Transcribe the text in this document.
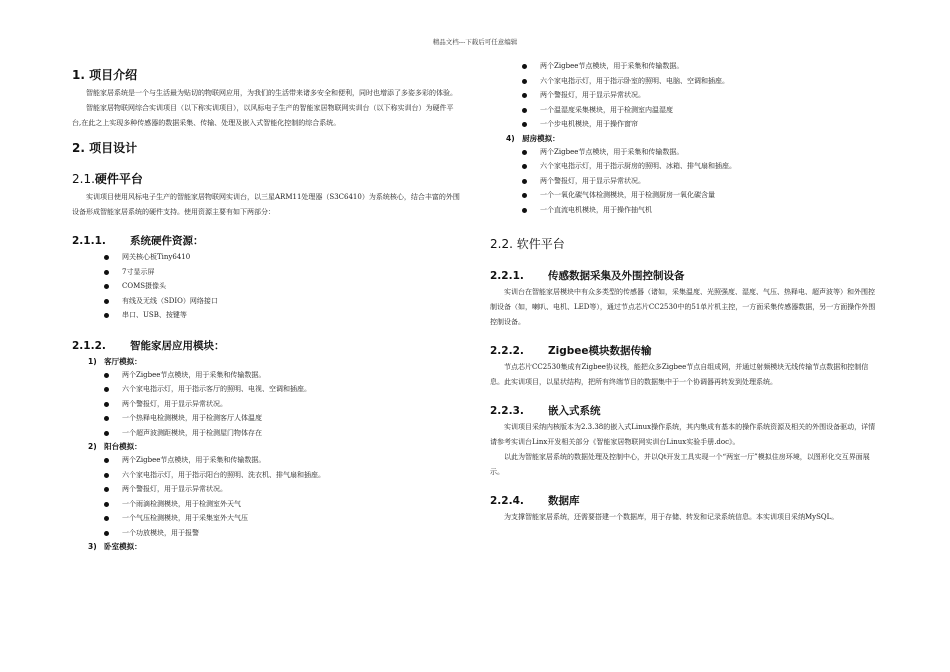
精品文档---下载后可任意编辑
1. 项目介绍

智能家居系统是一个与生活最为贴切的物联网应用，为我们的生活带来诸多安全和便利，同时也增添了多姿多彩的体验。

智能家居物联网综合实训项目（以下称实训项目），以风标电子生产的智能家居物联网实训台（以下称实训台）为硬件平台,在此之上实现多种传感器的数据采集、传输、处理及嵌入式智能化控制的综合系统。

2. 项目设计
2.1.硬件平台

实训项目使用风标电子生产的智能家居物联网实训台，以三星ARM11处理器（S3C6410）为系统核心，结合丰富的外围设备形成智能家居系统的硬件支持。使用资源主要有如下两部分：

2.1.1. 系统硬件资源：
网关核心板Tiny6410
7寸显示屏
COMS摄像头
有线及无线（SDIO）网络接口
串口、USB、按键等
2.1.2. 智能家居应用模块：
1)　客厅模拟：
两个Zigbee节点模块，用于采集和传输数据。
六个家电指示灯，用于指示客厅的照明、电视、空调和插座。
两个警报灯，用于显示异常状况。
一个热释电检测模块，用于检测客厅人体温度
一个超声波测距模块，用于检测屋门物体存在
2)　阳台模拟：
两个Zigbee节点模块，用于采集和传输数据。
六个家电指示灯，用于指示阳台的照明、洗衣机、排气扇和插座。
两个警报灯，用于显示异常状况。
一个雨滴检测模块，用于检测室外天气
一个气压检测模块，用于采集室外大气压
一个功放模块，用于报警
3)　卧室模拟：
两个Zigbee节点模块，用于采集和传输数据。
六个家电指示灯，用于指示卧室的照明、电脑、空调和插座。
两个警报灯，用于显示异常状况。
一个温湿度采集模块，用于检测室内温湿度
一个步电机模块，用于操作窗帘
4)　厨房模拟：
两个Zigbee节点模块，用于采集和传输数据。
六个家电指示灯，用于指示厨房的照明、冰箱、排气扇和插座。
两个警报灯，用于显示异常状况。
一个一氧化碳气体检测模块，用于检测厨房一氧化碳含量
一个直流电机模块，用于操作抽气机
2.2. 软件平台
2.2.1. 传感数据采集及外围控制设备

实训台在智能家居模块中有众多类型的传感器（诸如，采集温度、光照强度、湿度、气压、热释电、超声波等）和外围控制设备（如，喇叭、电机、LED等），通过节点芯片CC2530中的51单片机主控，一方面采集传感器数据，另一方面操作外围控制设备。

2.2.2. Zigbee模块数据传输

节点芯片CC2530集成有Zigbee协议栈，能把众多Zigbee节点自组成网，并通过射频模块无线传输节点数据和控制信息。此实训项目，以星状结构，把所有终端节目的数据集中于一个协调器再转发到处理系统。

2.2.3. 嵌入式系统

实训项目采纳内核版本为2.3.38的嵌入式Linux操作系统，其内集成有基本的操作系统资源及相关的外围设备驱动，详情请参考实训台Linx开发相关部分《智能家居物联网实训台Linux实验手册.doc》。

以此为智能家居系统的数据处理及控制中心，并以Qt开发工具实现一个“两室一厅”模拟住房环境，以图形化交互界面展示。

2.2.4. 数据库

为支撑智能家居系统，还需要搭建一个数据库，用于存储、转发和记录系统信息。本实训项目采纳MySQL。
